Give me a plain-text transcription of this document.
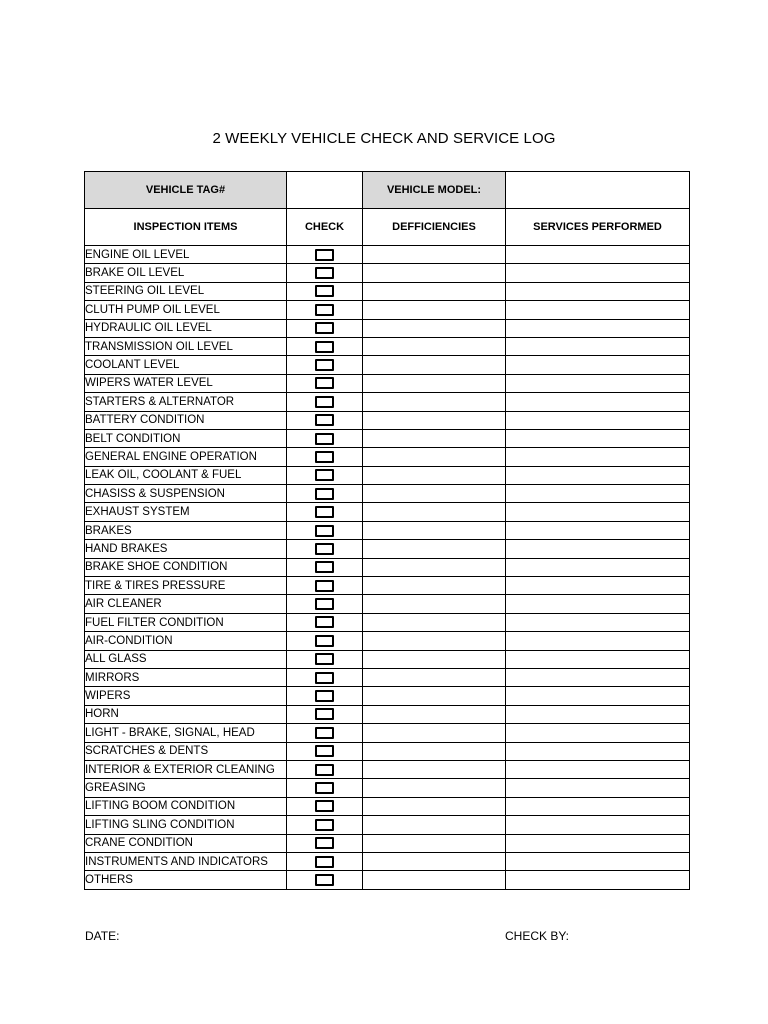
2 WEEKLY VEHICLE CHECK AND SERVICE LOG
VEHICLE TAG#		VEHICLE MODEL:	
INSPECTION ITEMS	CHECK	DEFFICIENCIES	SERVICES PERFORMED
ENGINE OIL LEVEL			
BRAKE OIL LEVEL			
STEERING OIL LEVEL			
CLUTH PUMP OIL LEVEL			
HYDRAULIC OIL LEVEL			
TRANSMISSION OIL LEVEL			
COOLANT LEVEL			
WIPERS WATER LEVEL			
STARTERS & ALTERNATOR			
BATTERY CONDITION			
BELT CONDITION			
GENERAL ENGINE OPERATION			
LEAK OIL, COOLANT & FUEL			
CHASISS & SUSPENSION			
EXHAUST SYSTEM			
BRAKES			
HAND BRAKES			
BRAKE SHOE CONDITION			
TIRE & TIRES PRESSURE			
AIR CLEANER			
FUEL FILTER CONDITION			
AIR-CONDITION			
ALL GLASS			
MIRRORS			
WIPERS			
HORN			
LIGHT - BRAKE, SIGNAL, HEAD			
SCRATCHES & DENTS			
INTERIOR & EXTERIOR CLEANING			
GREASING			
LIFTING BOOM CONDITION			
LIFTING SLING CONDITION			
CRANE CONDITION			
INSTRUMENTS AND INDICATORS			
OTHERS			
DATE:	CHECK BY:
